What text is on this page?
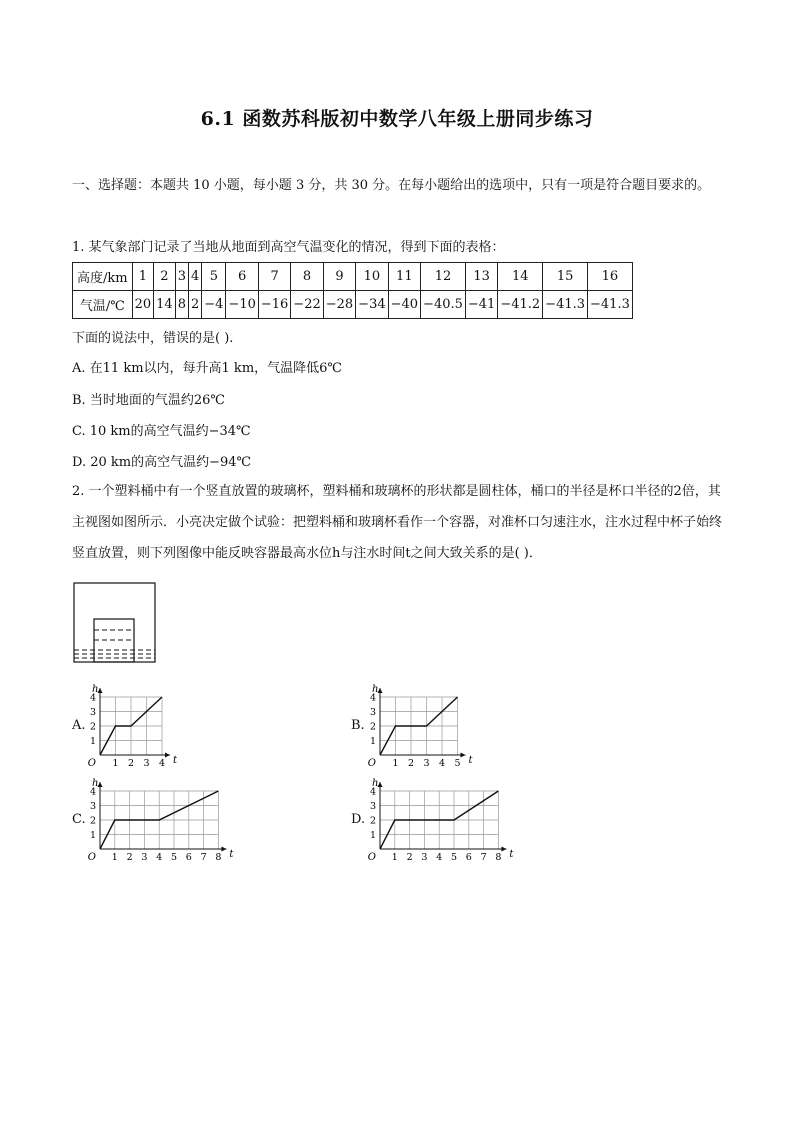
6.1 函数苏科版初中数学八年级上册同步练习
一、选择题：本题共 10 小题，每小题 3 分，共 30 分。在每小题给出的选项中，只有一项是符合题目要求的。
1. 某气象部门记录了当地从地面到高空气温变化的情况，得到下面的表格：
高度/km	1	2	3	4	5	6	7	8	9	10	11	12	13	14	15	16
气温/℃	20	14	8	2	−4	−10	−16	−22	−28	−34	−40	−40.5	−41	−41.2	−41.3	−41.3
下面的说法中，错误的是( ).
A. 在11 km以内，每升高1 km，气温降低6℃
B. 当时地面的气温约26℃
C. 10 km的高空气温约−34℃
D. 20 km的高空气温约−94℃
2. 一个塑料桶中有一个竖直放置的玻璃杯，塑料桶和玻璃杯的形状都是圆柱体，桶口的半径是杯口半径的2倍，其主视图如图所示．小亮决定做个试验：把塑料桶和玻璃杯看作一个容器，对准杯口匀速注水，注水过程中杯子始终竖直放置，则下列图像中能反映容器最高水位h与注水时间t之间大致关系的是( )．
A.	B.
C.	D.
1 2 3 4
1
2
3
4
O	t
h
1 2 3 4 5
1
2
3
4
O	t
h
1 2 3 4 5 6 7 8
1
2
3
4
O	t
h
1 2 3 4 5 6 7 8
1
2
3
4
O	t
h
